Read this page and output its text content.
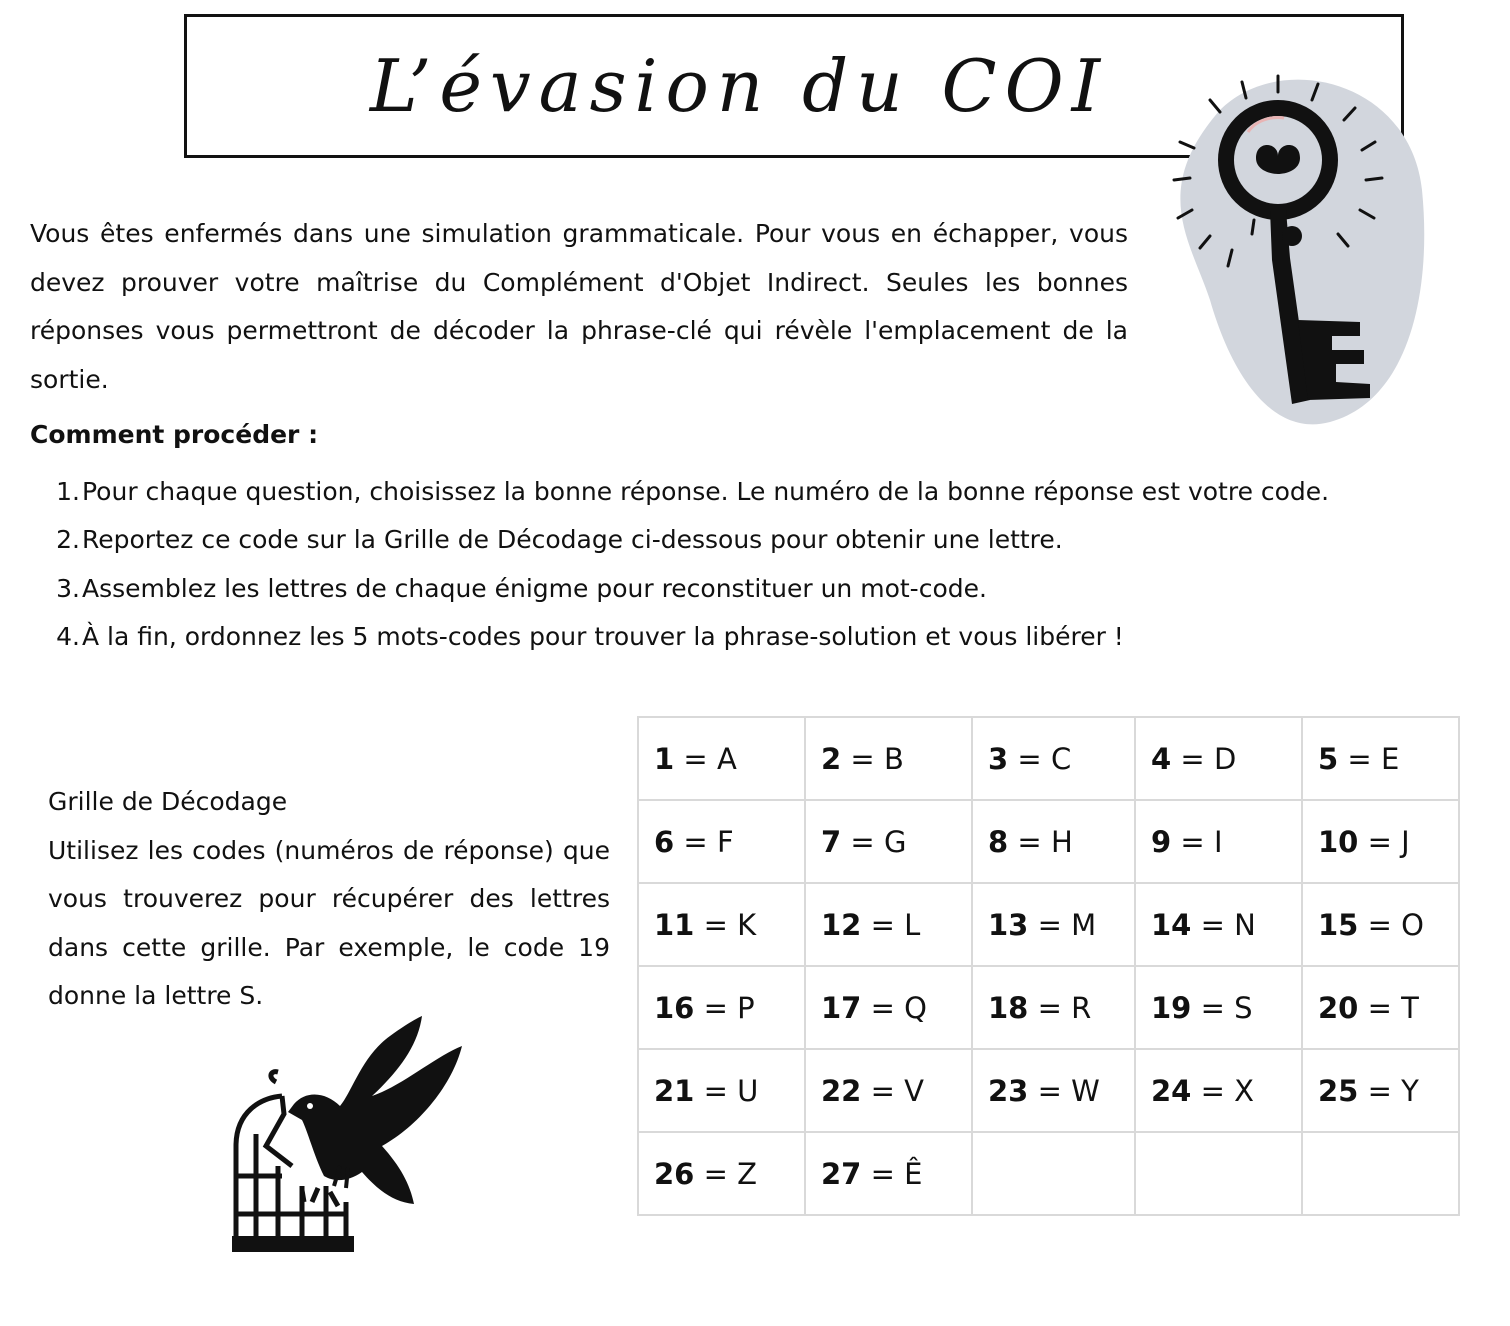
L’évasion du COI

Vous êtes enfermés dans une simulation grammaticale. Pour vous en échapper, vous devez prouver votre maîtrise du Complément d'Objet Indirect. Seules les bonnes réponses vous permettront de décoder la phrase-clé qui révèle l'emplacement de la sortie.

Comment procéder :

1. Pour chaque question, choisissez la bonne réponse. Le numéro de la bonne réponse est votre code.
2. Reportez ce code sur la Grille de Décodage ci-dessous pour obtenir une lettre.
3. Assemblez les lettres de chaque énigme pour reconstituer un mot-code.
4. À la fin, ordonnez les 5 mots-codes pour trouver la phrase-solution et vous libérer !
Grille de Décodage
Utilisez les codes (numéros de réponse) que vous trouverez pour récupérer des lettres dans cette grille. Par exemple, le code 19 donne la lettre S.
1 = A	2 = B	3 = C	4 = D	5 = E
6 = F	7 = G	8 = H	9 = I	10 = J
11 = K	12 = L	13 = M	14 = N	15 = O
16 = P	17 = Q	18 = R	19 = S	20 = T
21 = U	22 = V	23 = W	24 = X	25 = Y
26 = Z	27 = Ê			
